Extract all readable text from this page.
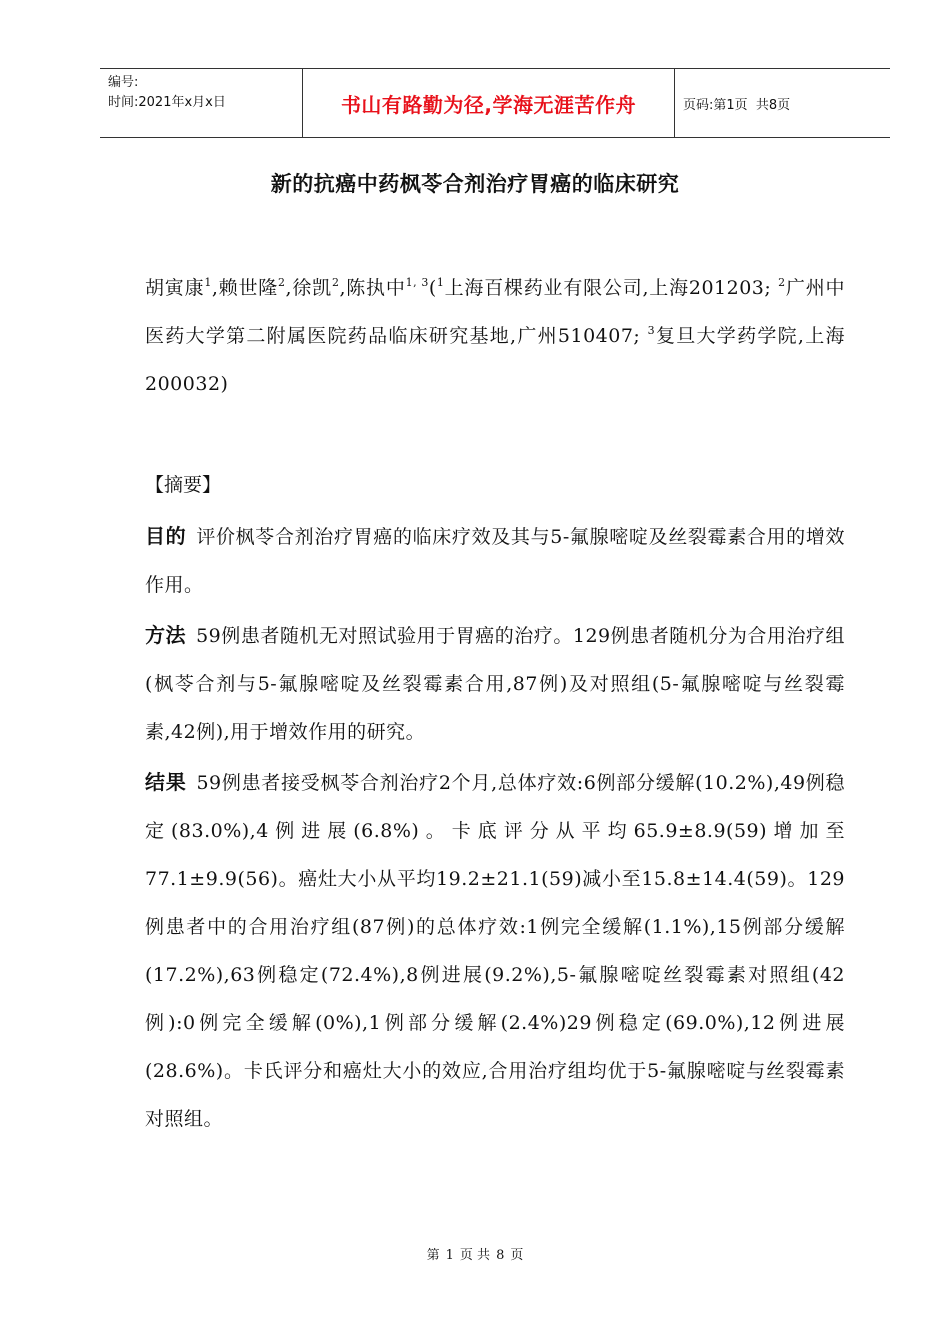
编号:
时间:2021年x月x日	书山有路勤为径,学海无涯苦作舟	页码:第1页  共8页
新的抗癌中药枫苓合剂治疗胃癌的临床研究
胡寅康$^1$,赖世隆$^2$,徐凯$^2$,陈执中$^{1, 3}$($^1$上海百棵药业有限公司,上海201203; $^2$广州中医药大学第二附属医院药品临床研究基地,广州510407; $^3$复旦大学药学院,上海200032)
【摘要】

目的 评价枫苓合剂治疗胃癌的临床疗效及其与5-氟腺嘧啶及丝裂霉素合用的增效作用。

方法 59例患者随机无对照试验用于胃癌的治疗。129例患者随机分为合用治疗组(枫苓合剂与5-氟腺嘧啶及丝裂霉素合用,87例)及对照组(5-氟腺嘧啶与丝裂霉素,42例),用于增效作用的研究。

结果 59例患者接受枫苓合剂治疗2个月,总体疗效:6例部分缓解(10.2%),49例稳定(83.0%),4例进展(6.8%)。卡底评分从平均65.9±8.9(59)增加至77.1±9.9(56)。癌灶大小从平均19.2±21.1(59)减小至15.8±14.4(59)。129例患者中的合用治疗组(87例)的总体疗效:1例完全缓解(1.1%),15例部分缓解(17.2%),63例稳定(72.4%),8例进展(9.2%),5-氟腺嘧啶丝裂霉素对照组(42例):0例完全缓解(0%),1例部分缓解(2.4%)29例稳定(69.0%),12例进展(28.6%)。卡氏评分和癌灶大小的效应,合用治疗组均优于5-氟腺嘧啶与丝裂霉素对照组。

第 1 页 共 8 页
